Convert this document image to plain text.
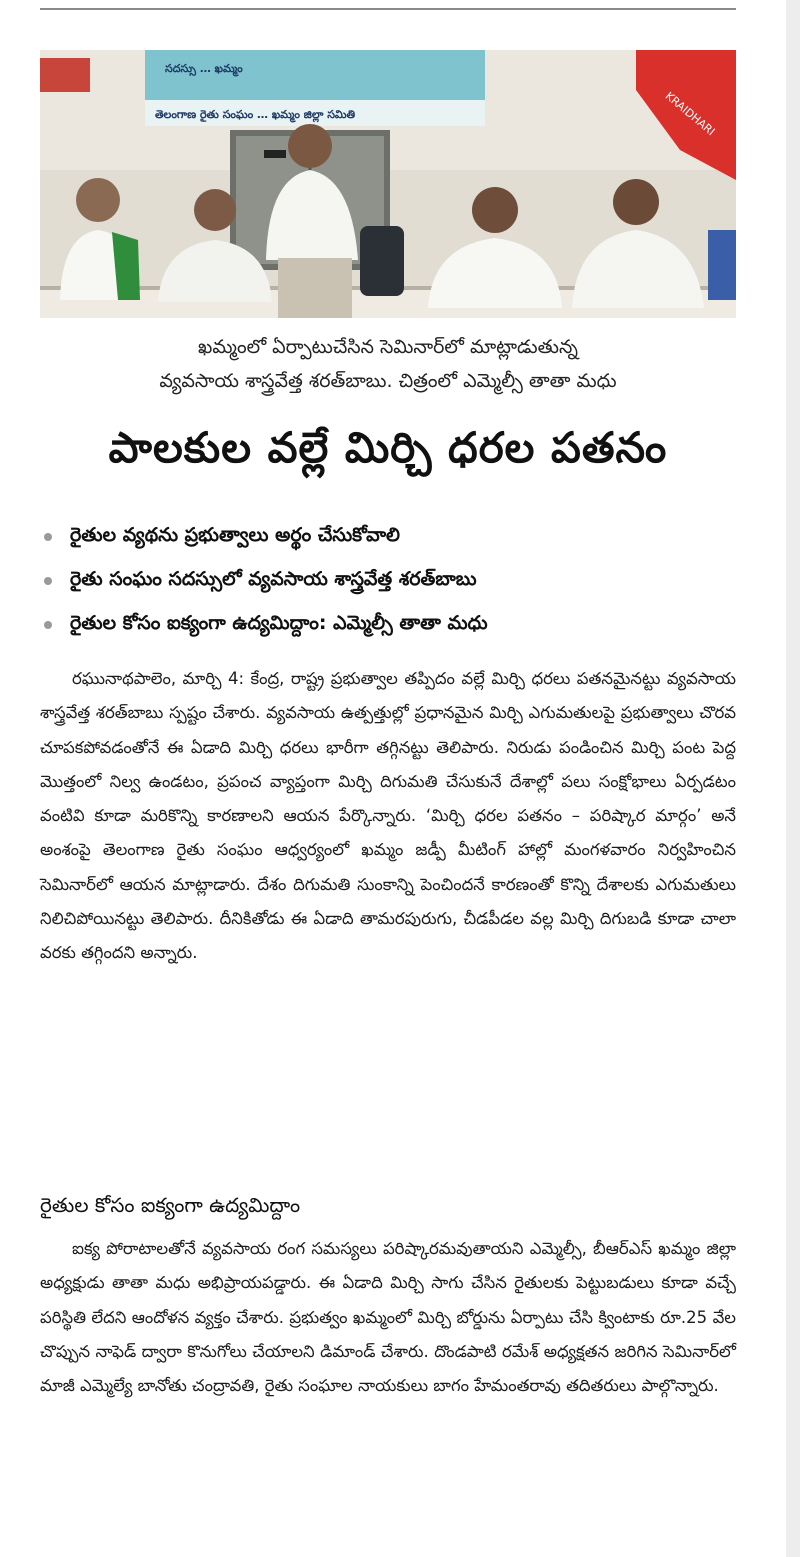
సదస్సు … ఖమ్మం
తెలంగాణ రైతు సంఘం … ఖమ్మం జిల్లా సమితి	KRAIDHARI
ఖమ్మంలో ఏర్పాటుచేసిన సెమినార్‌లో మాట్లాడుతున్న
వ్యవసాయ శాస్త్రవేత్త శరత్‌బాబు. చిత్రంలో ఎమ్మెల్సీ తాతా మధు
పాలకుల వల్లే మిర్చి ధరల పతనం
రైతుల వ్యథను ప్రభుత్వాలు అర్థం చేసుకోవాలి
రైతు సంఘం సదస్సులో వ్యవసాయ శాస్త్రవేత్త శరత్‌బాబు
రైతుల కోసం ఐక్యంగా ఉద్యమిద్దాం: ఎమ్మెల్సీ తాతా మధు

రఘునాథపాలెం, మార్చి 4: కేంద్ర, రాష్ట్ర ప్రభుత్వాల తప్పిదం వల్లే మిర్చి ధరలు పతనమైనట్టు వ్యవసాయ శాస్త్రవేత్త శరత్‌బాబు స్పష్టం చేశారు. వ్యవసాయ ఉత్పత్తుల్లో ప్రధానమైన మిర్చి ఎగుమతులపై ప్రభుత్వాలు చొరవ చూపకపోవడంతోనే ఈ ఏడాది మిర్చి ధరలు భారీగా తగ్గినట్టు తెలిపారు. నిరుడు పండించిన మిర్చి పంట పెద్ద మొత్తంలో నిల్వ ఉండటం, ప్రపంచ వ్యాప్తంగా మిర్చి దిగుమతి చేసుకునే దేశాల్లో పలు సంక్షోభాలు ఏర్పడటం వంటివి కూడా మరికొన్ని కారణాలని ఆయన పేర్కొన్నారు. ‘మిర్చి ధరల పతనం – పరిష్కార మార్గం’ అనే అంశంపై తెలంగాణ రైతు సంఘం ఆధ్వర్యంలో ఖమ్మం జడ్పీ మీటింగ్ హాల్లో మంగళవారం నిర్వహించిన సెమినార్‌లో ఆయన మాట్లాడారు. దేశం దిగుమతి సుంకాన్ని పెంచిందనే కారణంతో కొన్ని దేశాలకు ఎగుమతులు నిలిచిపోయినట్టు తెలిపారు. దీనికితోడు ఈ ఏడాది తామరపురుగు, చీడపీడల వల్ల మిర్చి దిగుబడి కూడా చాలా వరకు తగ్గిందని అన్నారు.

రైతుల కోసం ఐక్యంగా ఉద్యమిద్దాం

ఐక్య పోరాటాలతోనే వ్యవసాయ రంగ సమస్యలు పరిష్కారమవుతాయని ఎమ్మెల్సీ, బీఆర్‌ఎస్ ఖమ్మం జిల్లా అధ్యక్షుడు తాతా మధు అభిప్రాయపడ్డారు. ఈ ఏడాది మిర్చి సాగు చేసిన రైతులకు పెట్టుబడులు కూడా వచ్చే పరిస్థితి లేదని ఆందోళన వ్యక్తం చేశారు. ప్రభుత్వం ఖమ్మంలో మిర్చి బోర్డును ఏర్పాటు చేసి క్వింటాకు రూ.25 వేల చొప్పున నాఫెడ్ ద్వారా కొనుగోలు చేయాలని డిమాండ్ చేశారు. దొండపాటి రమేశ్ అధ్యక్షతన జరిగిన సెమినార్‌లో మాజీ ఎమ్మెల్యే బానోతు చంద్రావతి, రైతు సంఘాల నాయకులు బాగం హేమంతరావు తదితరులు పాల్గొన్నారు.
